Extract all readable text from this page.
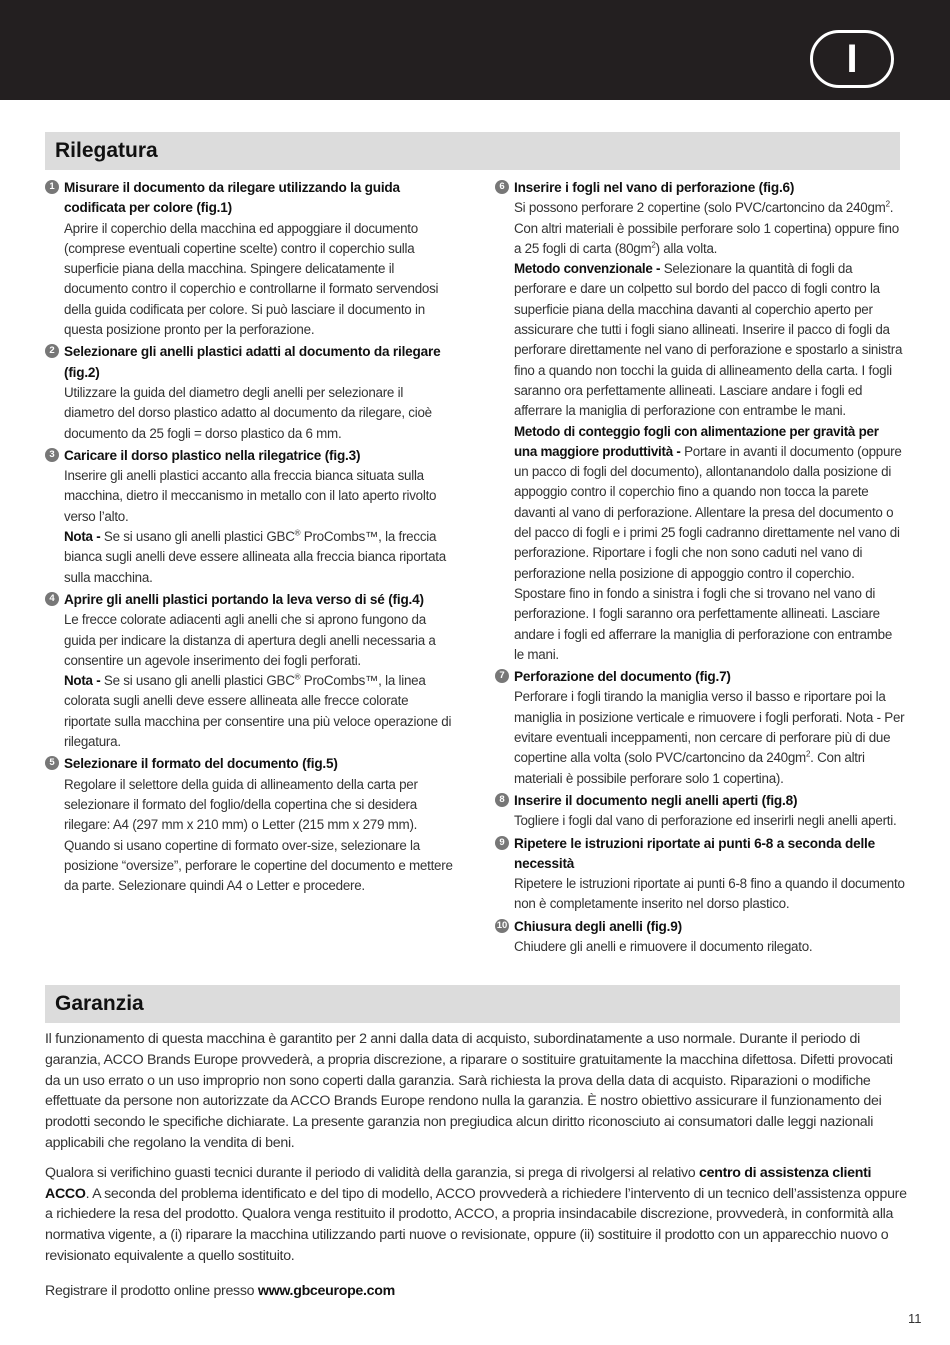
I
Rilegatura
1 Misurare il documento da rilegare utilizzando la guida codificata per colore (fig.1)

Aprire il coperchio della macchina ed appoggiare il documento (comprese eventuali copertine scelte) contro il coperchio sulla superficie piana della macchina. Spingere delicatamente il documento contro il coperchio e controllarne il formato servendosi della guida codificata per colore. Si può lasciare il documento in questa posizione pronto per la perforazione.

2 Selezionare gli anelli plastici adatti al documento da rilegare (fig.2)

Utilizzare la guida del diametro degli anelli per selezionare il diametro del dorso plastico adatto al documento da rilegare, cioè documento da 25 fogli = dorso plastico da 6 mm.

3 Caricare il dorso plastico nella rilegatrice (fig.3)

Inserire gli anelli plastici accanto alla freccia bianca situata sulla macchina, dietro il meccanismo in metallo con il lato aperto rivolto verso l’alto.

Nota - Se si usano gli anelli plastici GBC® ProCombs™, la freccia bianca sugli anelli deve essere allineata alla freccia bianca riportata sulla macchina.

4 Aprire gli anelli plastici portando la leva verso di sé (fig.4)

Le frecce colorate adiacenti agli anelli che si aprono fungono da guida per indicare la distanza di apertura degli anelli necessaria a consentire un agevole inserimento dei fogli perforati.

Nota - Se si usano gli anelli plastici GBC® ProCombs™, la linea colorata sugli anelli deve essere allineata alle frecce colorate riportate sulla macchina per consentire una più veloce operazione di rilegatura.

5 Selezionare il formato del documento (fig.5)

Regolare il selettore della guida di allineamento della carta per selezionare il formato del foglio/della copertina che si desidera rilegare: A4 (297 mm x 210 mm) o Letter (215 mm x 279 mm). Quando si usano copertine di formato over-size, selezionare la posizione “oversize”, perforare le copertine del documento e mettere da parte. Selezionare quindi A4 o Letter e procedere.

6 Inserire i fogli nel vano di perforazione (fig.6)

Si possono perforare 2 copertine (solo PVC/cartoncino da $240gm^2$. Con altri materiali è possibile perforare solo 1 copertina) oppure fino a 25 fogli di carta $(80gm^2)$ alla volta.

Metodo convenzionale - Selezionare la quantità di fogli da perforare e dare un colpetto sul bordo del pacco di fogli contro la superficie piana della macchina davanti al coperchio aperto per assicurare che tutti i fogli siano allineati. Inserire il pacco di fogli da perforare direttamente nel vano di perforazione e spostarlo a sinistra fino a quando non tocchi la guida di allineamento della carta. I fogli saranno ora perfettamente allineati. Lasciare andare i fogli ed afferrare la maniglia di perforazione con entrambe le mani.

Metodo di conteggio fogli con alimentazione per gravità per una maggiore produttività - Portare in avanti il documento (oppure un pacco di fogli del documento), allontanandolo dalla posizione di appoggio contro il coperchio fino a quando non tocca la parete davanti al vano di perforazione. Allentare la presa del documento o del pacco di fogli e i primi 25 fogli cadranno direttamente nel vano di perforazione. Riportare i fogli che non sono caduti nel vano di perforazione nella posizione di appoggio contro il coperchio. Spostare fino in fondo a sinistra i fogli che si trovano nel vano di perforazione. I fogli saranno ora perfettamente allineati. Lasciare andare i fogli ed afferrare la maniglia di perforazione con entrambe le mani.

7 Perforazione del documento (fig.7)

Perforare i fogli tirando la maniglia verso il basso e riportare poi la maniglia in posizione verticale e rimuovere i fogli perforati. Nota - Per evitare eventuali inceppamenti, non cercare di perforare più di due copertine alla volta (solo PVC/cartoncino da $240gm^2$. Con altri materiali è possibile perforare solo 1 copertina).

8 Inserire il documento negli anelli aperti (fig.8)

Togliere i fogli dal vano di perforazione ed inserirli negli anelli aperti.

9 Ripetere le istruzioni riportate ai punti 6-8 a seconda delle necessità

Ripetere le istruzioni riportate ai punti 6-8 fino a quando il documento non è completamente inserito nel dorso plastico.

10 Chiusura degli anelli (fig.9)

Chiudere gli anelli e rimuovere il documento rilegato.

Garanzia

Il funzionamento di questa macchina è garantito per 2 anni dalla data di acquisto, subordinatamente a uso normale. Durante il periodo di garanzia, ACCO Brands Europe provvederà, a propria discrezione, a riparare o sostituire gratuitamente la macchina difettosa. Difetti provocati da un uso errato o un uso improprio non sono coperti dalla garanzia. Sarà richiesta la prova della data di acquisto. Riparazioni o modifiche effettuate da persone non autorizzate da ACCO Brands Europe rendono nulla la garanzia. È nostro obiettivo assicurare il funzionamento dei prodotti secondo le specifiche dichiarate. La presente garanzia non pregiudica alcun diritto riconosciuto ai consumatori dalle leggi nazionali applicabili che regolano la vendita di beni.

Qualora si verifichino guasti tecnici durante il periodo di validità della garanzia, si prega di rivolgersi al relativo centro di assistenza clienti ACCO. A seconda del problema identificato e del tipo di modello, ACCO provvederà a richiedere l’intervento di un tecnico dell’assistenza oppure a richiedere la resa del prodotto. Qualora venga restituito il prodotto, ACCO, a propria insindacabile discrezione, provvederà, in conformità alla normativa vigente, a (i) riparare la macchina utilizzando parti nuove o revisionate, oppure (ii) sostituire il prodotto con un apparecchio nuovo o revisionato equivalente a quello sostituito.

Registrare il prodotto online presso www.gbceurope.com

11
